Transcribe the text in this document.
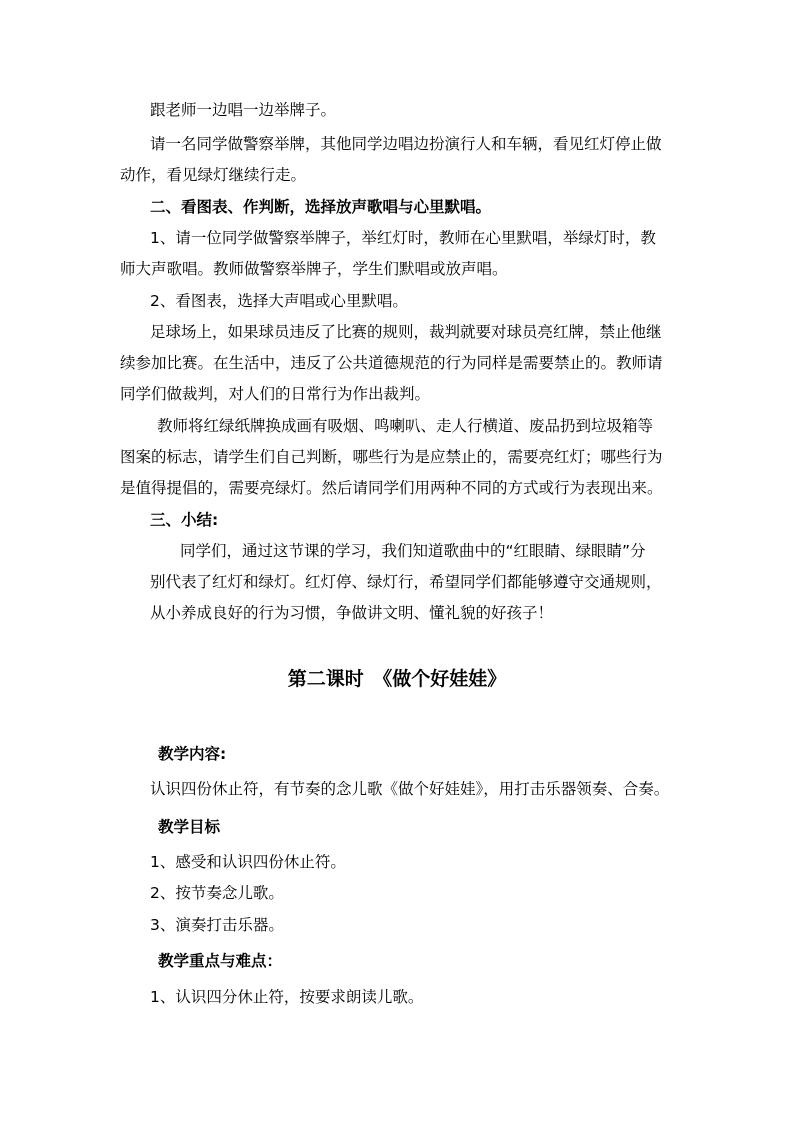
跟老师一边唱一边举牌子。
请一名同学做警察举牌，其他同学边唱边扮演行人和车辆，看见红灯停止做
动作，看见绿灯继续行走。
二、看图表、作判断，选择放声歌唱与心里默唱。
1、请一位同学做警察举牌子，举红灯时，教师在心里默唱，举绿灯时，教
师大声歌唱。教师做警察举牌子，学生们默唱或放声唱。
2、看图表，选择大声唱或心里默唱。
足球场上，如果球员违反了比赛的规则，裁判就要对球员亮红牌，禁止他继
续参加比赛。在生活中，违反了公共道德规范的行为同样是需要禁止的。教师请
同学们做裁判，对人们的日常行为作出裁判。
教师将红绿纸牌换成画有吸烟、鸣喇叭、走人行横道、废品扔到垃圾箱等
图案的标志，请学生们自己判断，哪些行为是应禁止的，需要亮红灯；哪些行为
是值得提倡的，需要亮绿灯。然后请同学们用两种不同的方式或行为表现出来。
三、小结:
同学们，通过这节课的学习，我们知道歌曲中的“红眼睛、绿眼睛”分
别代表了红灯和绿灯。红灯停、绿灯行，希望同学们都能够遵守交通规则，
从小养成良好的行为习惯，争做讲文明、懂礼貌的好孩子！
第二课时　《做个好娃娃》
教学内容:
认识四份休止符，有节奏的念儿歌《做个好娃娃》，用打击乐器领奏、合奏。
教学目标
1、感受和认识四份休止符。
2、按节奏念儿歌。
3、演奏打击乐器。
教学重点与难点：
1、认识四分休止符，按要求朗读儿歌。
